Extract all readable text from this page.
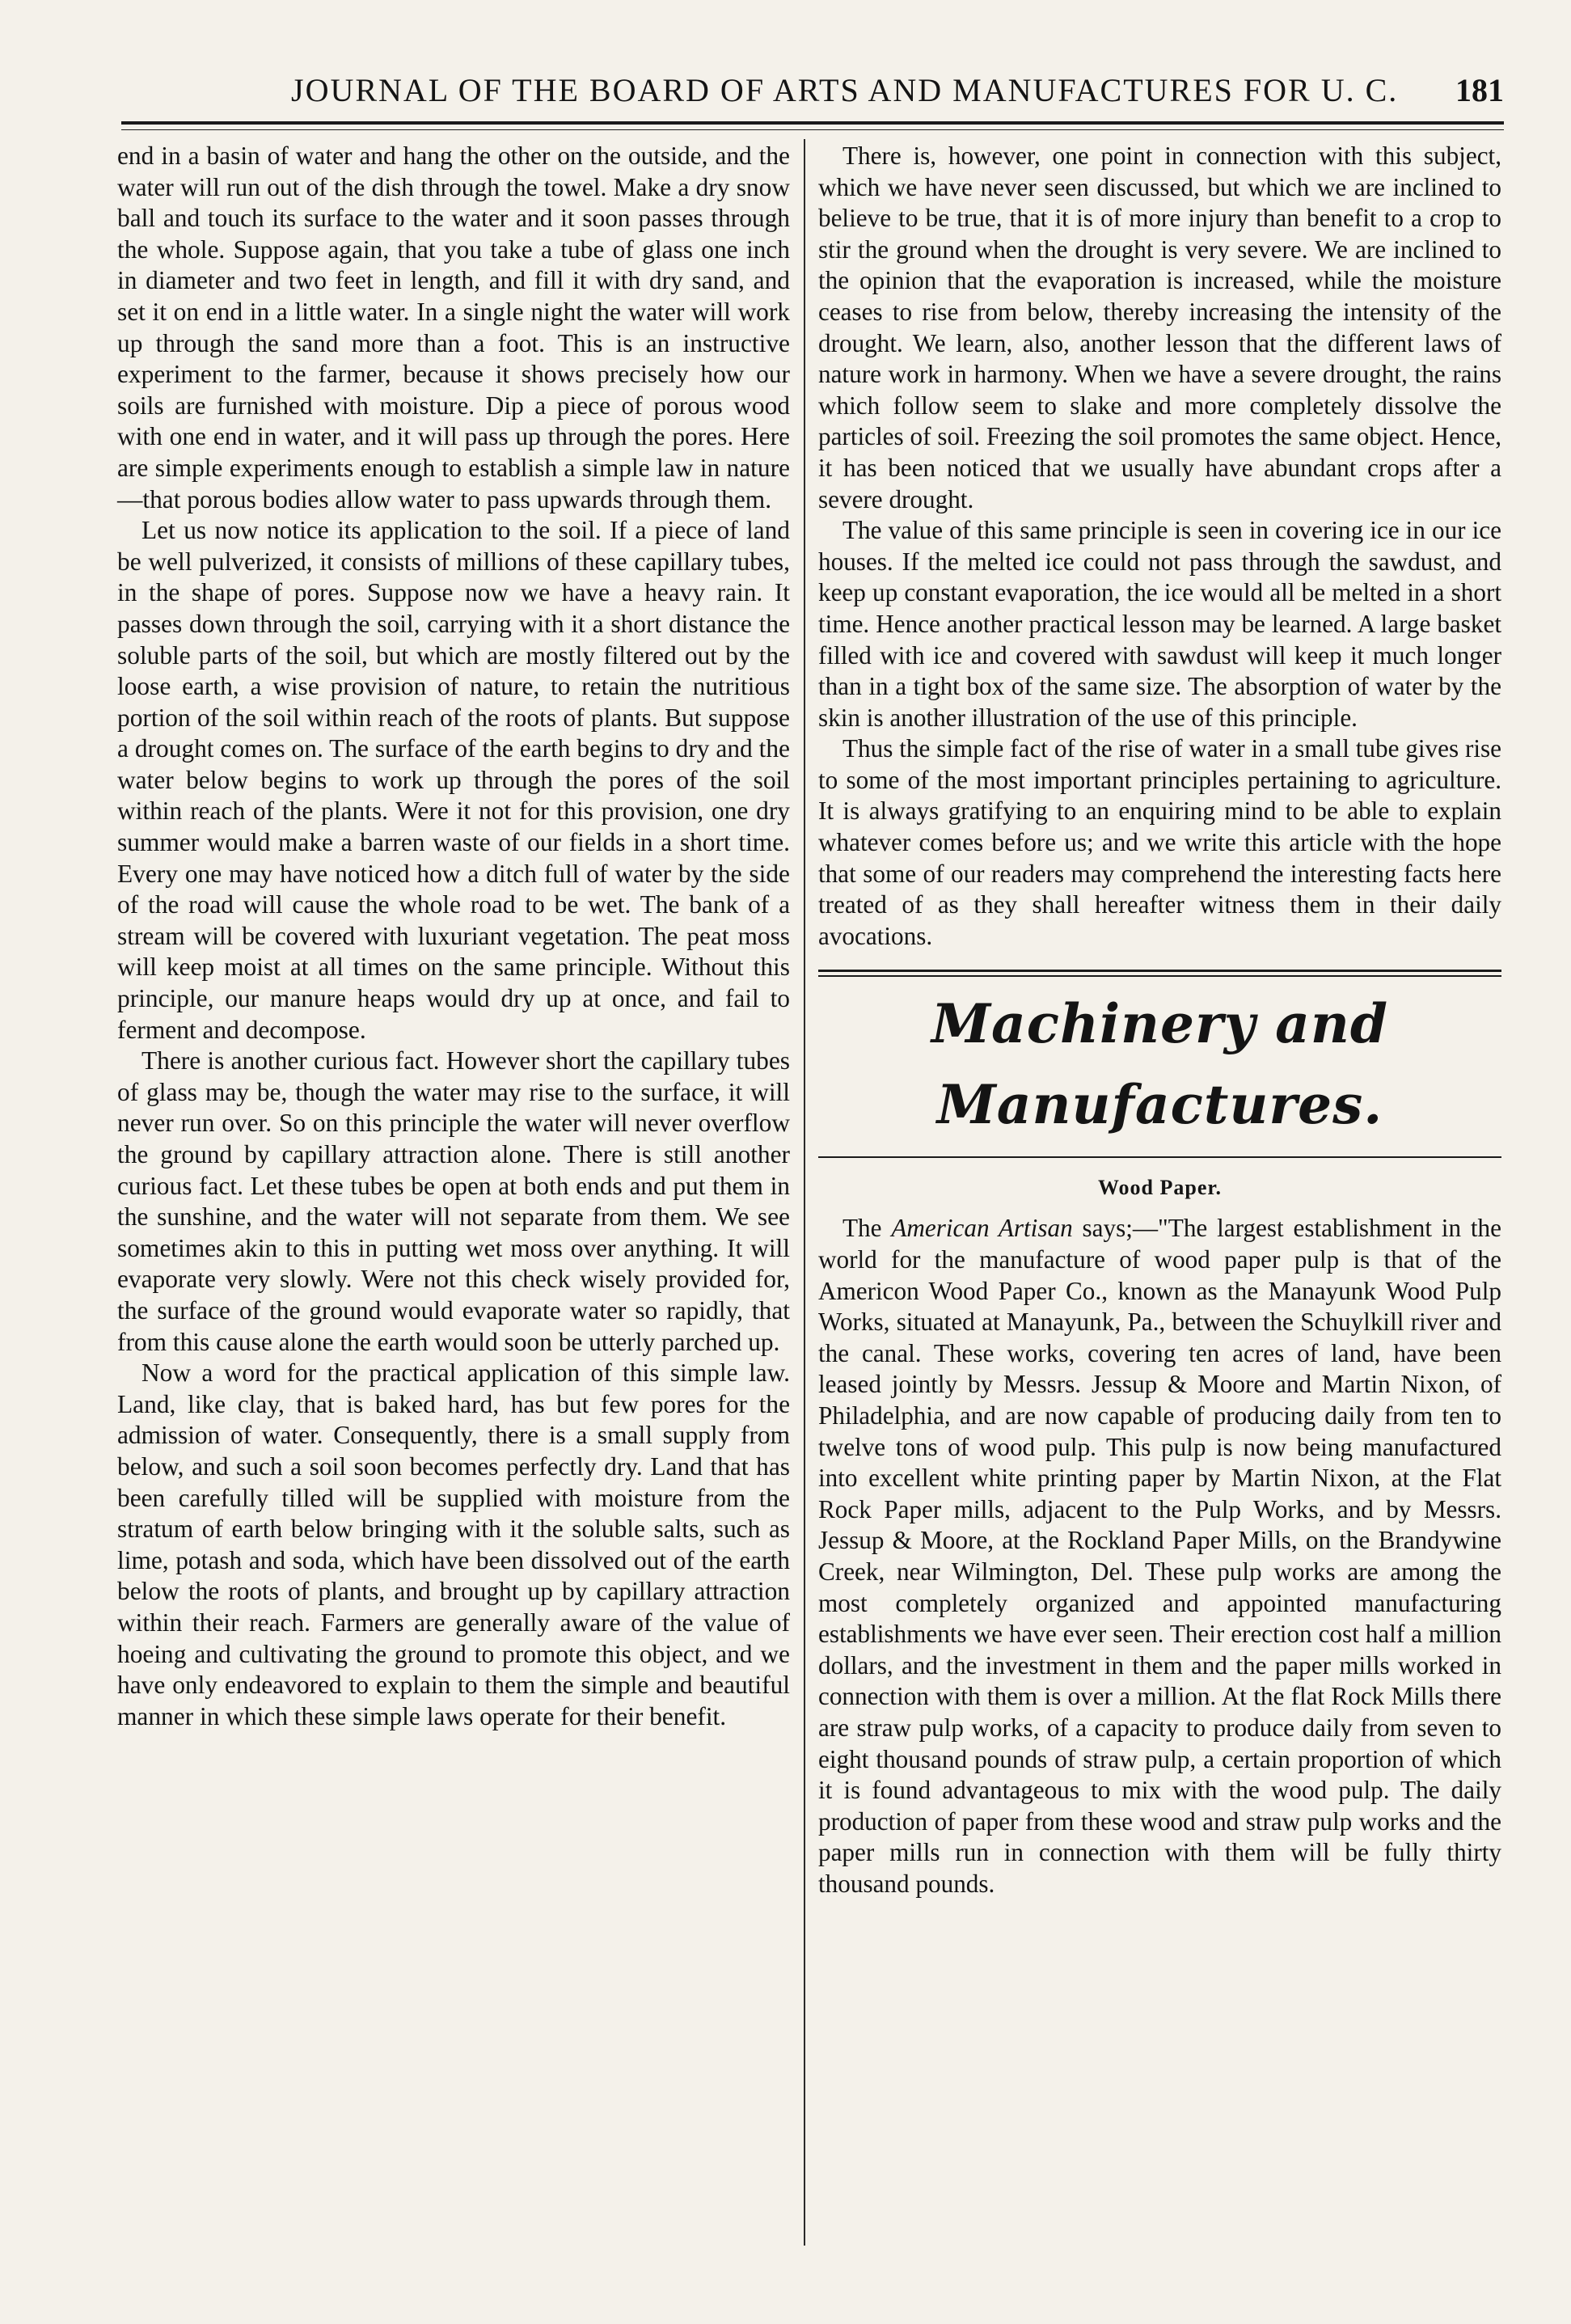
JOURNAL OF THE BOARD OF ARTS AND MANUFACTURES FOR U. C. 181

end in a basin of water and hang the other on the outside, and the water will run out of the dish through the towel. Make a dry snow ball and touch its surface to the water and it soon passes through the whole. Suppose again, that you take a tube of glass one inch in diameter and two feet in length, and fill it with dry sand, and set it on end in a little water. In a single night the water will work up through the sand more than a foot. This is an instructive experiment to the farmer, because it shows precisely how our soils are furnished with moisture. Dip a piece of porous wood with one end in water, and it will pass up through the pores. Here are simple experiments enough to establish a simple law in nature—that porous bodies allow water to pass upwards through them.

Let us now notice its application to the soil. If a piece of land be well pulverized, it consists of millions of these capillary tubes, in the shape of pores. Suppose now we have a heavy rain. It passes down through the soil, carrying with it a short distance the soluble parts of the soil, but which are mostly filtered out by the loose earth, a wise provision of nature, to retain the nutritious portion of the soil within reach of the roots of plants. But suppose a drought comes on. The surface of the earth begins to dry and the water below begins to work up through the pores of the soil within reach of the plants. Were it not for this provision, one dry summer would make a barren waste of our fields in a short time. Every one may have noticed how a ditch full of water by the side of the road will cause the whole road to be wet. The bank of a stream will be covered with luxuriant vegetation. The peat moss will keep moist at all times on the same principle. Without this principle, our manure heaps would dry up at once, and fail to ferment and decompose.

There is another curious fact. However short the capillary tubes of glass may be, though the water may rise to the surface, it will never run over. So on this principle the water will never overflow the ground by capillary attraction alone. There is still another curious fact. Let these tubes be open at both ends and put them in the sunshine, and the water will not separate from them. We see sometimes akin to this in putting wet moss over anything. It will evaporate very slowly. Were not this check wisely provided for, the surface of the ground would evaporate water so rapidly, that from this cause alone the earth would soon be utterly parched up.

Now a word for the practical application of this simple law. Land, like clay, that is baked hard, has but few pores for the admission of water. Consequently, there is a small supply from below, and such a soil soon becomes perfectly dry. Land that has been carefully tilled will be supplied with moisture from the stratum of earth below bringing with it the soluble salts, such as lime, potash and soda, which have been dissolved out of the earth below the roots of plants, and brought up by capillary attraction within their reach. Farmers are generally aware of the value of hoeing and cultivating the ground to promote this object, and we have only endeavored to explain to them the simple and beautiful manner in which these simple laws operate for their benefit.

There is, however, one point in connection with this subject, which we have never seen discussed, but which we are inclined to believe to be true, that it is of more injury than benefit to a crop to stir the ground when the drought is very severe. We are inclined to the opinion that the evaporation is increased, while the moisture ceases to rise from below, thereby increasing the intensity of the drought. We learn, also, another lesson that the different laws of nature work in harmony. When we have a severe drought, the rains which follow seem to slake and more completely dissolve the particles of soil. Freezing the soil promotes the same object. Hence, it has been noticed that we usually have abundant crops after a severe drought.

The value of this same principle is seen in covering ice in our ice houses. If the melted ice could not pass through the sawdust, and keep up constant evaporation, the ice would all be melted in a short time. Hence another practical lesson may be learned. A large basket filled with ice and covered with sawdust will keep it much longer than in a tight box of the same size. The absorption of water by the skin is another illustration of the use of this principle.

Thus the simple fact of the rise of water in a small tube gives rise to some of the most important principles pertaining to agriculture. It is always gratifying to an enquiring mind to be able to explain whatever comes before us; and we write this article with the hope that some of our readers may comprehend the interesting facts here treated of as they shall hereafter witness them in their daily avocations.

Machinery and Manufactures.
Wood Paper.

The American Artisan says;—"The largest establishment in the world for the manufacture of wood paper pulp is that of the Americon Wood Paper Co., known as the Manayunk Wood Pulp Works, situated at Manayunk, Pa., between the Schuylkill river and the canal. These works, covering ten acres of land, have been leased jointly by Messrs. Jessup & Moore and Martin Nixon, of Philadelphia, and are now capable of producing daily from ten to twelve tons of wood pulp. This pulp is now being manufactured into excellent white printing paper by Martin Nixon, at the Flat Rock Paper mills, adjacent to the Pulp Works, and by Messrs. Jessup & Moore, at the Rockland Paper Mills, on the Brandywine Creek, near Wilmington, Del. These pulp works are among the most completely organized and appointed manufacturing establishments we have ever seen. Their erection cost half a million dollars, and the investment in them and the paper mills worked in connection with them is over a million. At the flat Rock Mills there are straw pulp works, of a capacity to produce daily from seven to eight thousand pounds of straw pulp, a certain proportion of which it is found advantageous to mix with the wood pulp. The daily production of paper from these wood and straw pulp works and the paper mills run in connection with them will be fully thirty thousand pounds.
